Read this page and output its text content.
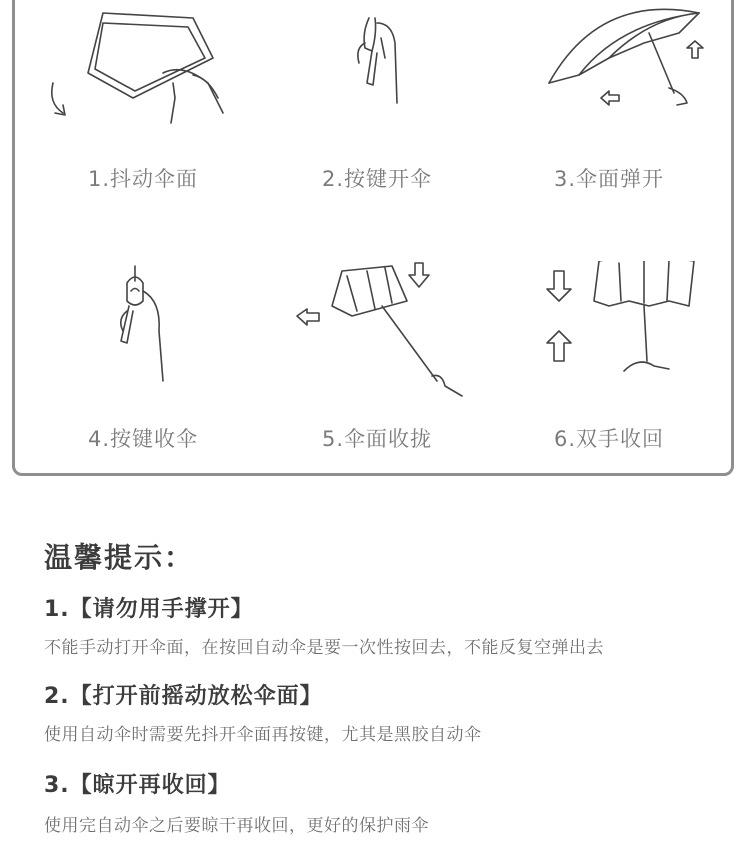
1.抖动伞面	2.按键开伞	3.伞面弹开
4.按键收伞	5.伞面收拢	6.双手收回
温馨提示：
1.【请勿用手撑开】
不能手动打开伞面，在按回自动伞是要一次性按回去，不能反复空弹出去
2.【打开前摇动放松伞面】
使用自动伞时需要先抖开伞面再按键，尤其是黑胶自动伞
3.【晾开再收回】
使用完自动伞之后要晾干再收回，更好的保护雨伞
